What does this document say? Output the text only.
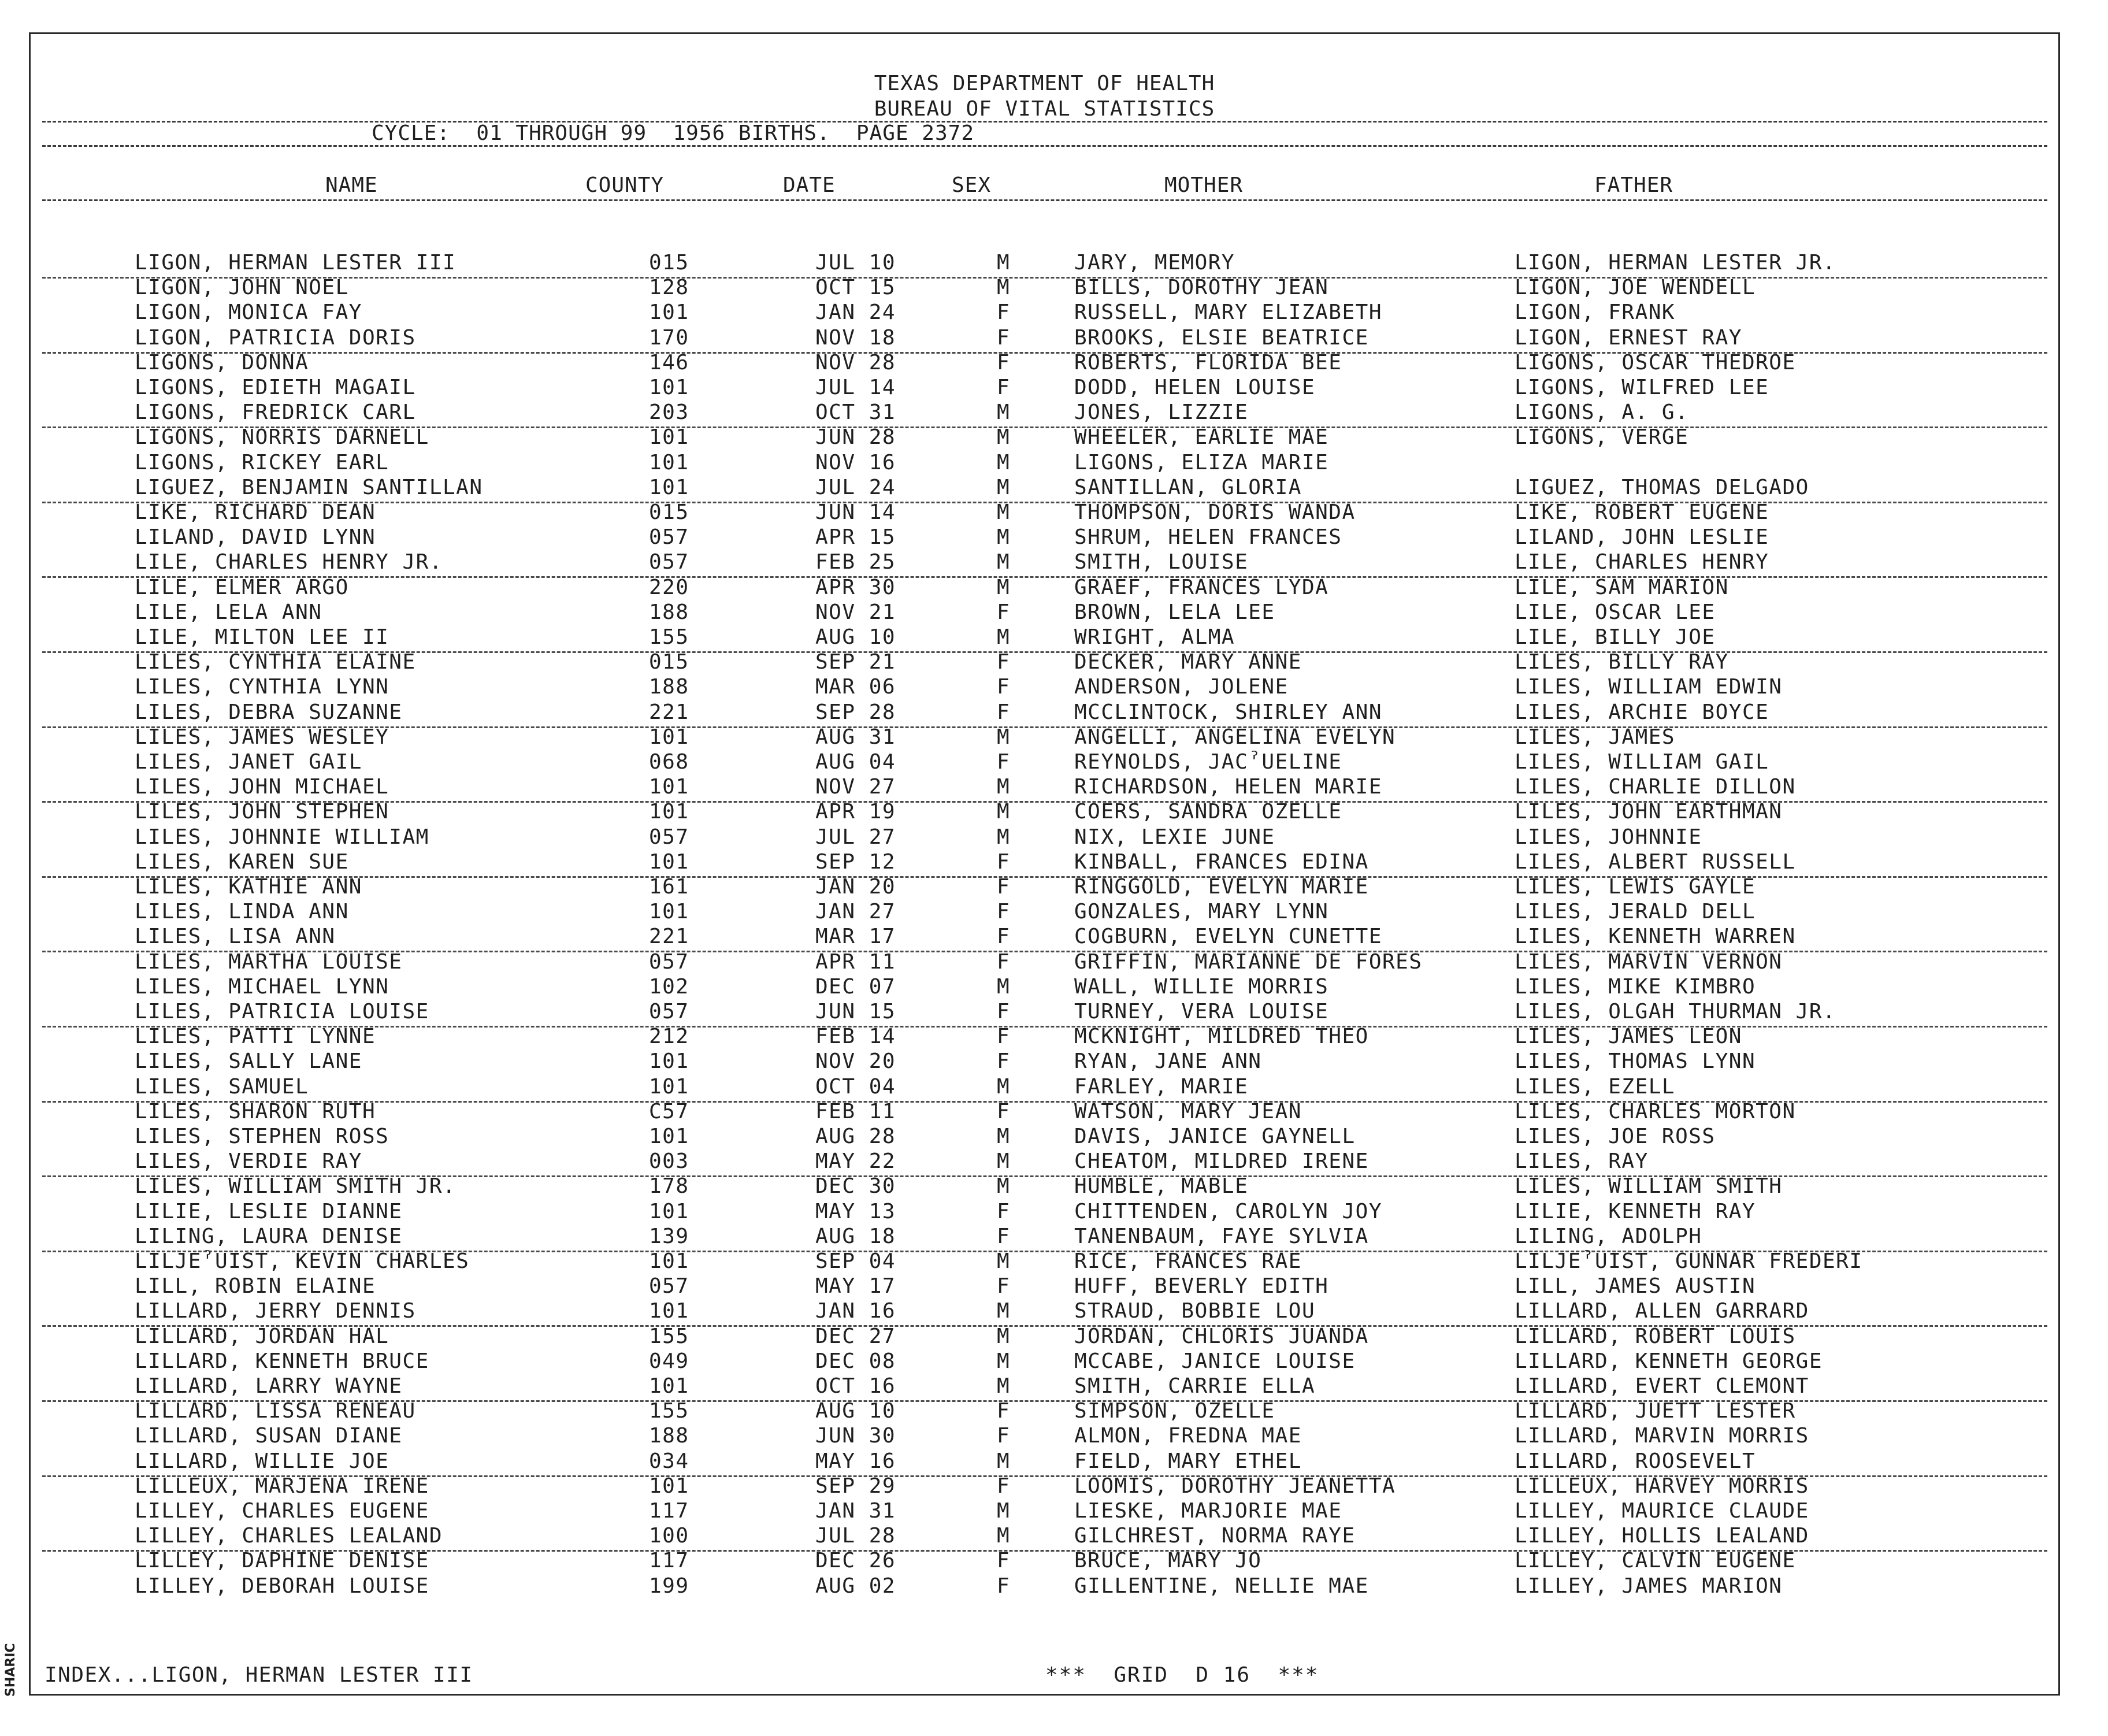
TEXAS DEPARTMENT OF HEALTH
BUREAU OF VITAL STATISTICS
CYCLE:  01 THROUGH 99  1956 BIRTHS.  PAGE 2372
NAME	COUNTY	DATE	SEX	MOTHER	FATHER
LIGON, HERMAN LESTER III	015	JUL 10	M	JARY, MEMORY	LIGON, HERMAN LESTER JR.
LIGON, JOHN NOEL	128	OCT 15	M	BILLS, DOROTHY JEAN	LIGON, JOE WENDELL
LIGON, MONICA FAY	101	JAN 24	F	RUSSELL, MARY ELIZABETH	LIGON, FRANK
LIGON, PATRICIA DORIS	170	NOV 18	F	BROOKS, ELSIE BEATRICE	LIGON, ERNEST RAY
LIGONS, DONNA	146	NOV 28	F	ROBERTS, FLORIDA BEE	LIGONS, OSCAR THEDROE
LIGONS, EDIETH MAGAIL	101	JUL 14	F	DODD, HELEN LOUISE	LIGONS, WILFRED LEE
LIGONS, FREDRICK CARL	203	OCT 31	M	JONES, LIZZIE	LIGONS, A. G.
LIGONS, NORRIS DARNELL	101	JUN 28	M	WHEELER, EARLIE MAE	LIGONS, VERGE
LIGONS, RICKEY EARL	101	NOV 16	M	LIGONS, ELIZA MARIE
LIGUEZ, BENJAMIN SANTILLAN	101	JUL 24	M	SANTILLAN, GLORIA	LIGUEZ, THOMAS DELGADO
LIKE, RICHARD DEAN	015	JUN 14	M	THOMPSON, DORIS WANDA	LIKE, ROBERT EUGENE
LILAND, DAVID LYNN	057	APR 15	M	SHRUM, HELEN FRANCES	LILAND, JOHN LESLIE
LILE, CHARLES HENRY JR.	057	FEB 25	M	SMITH, LOUISE	LILE, CHARLES HENRY
LILE, ELMER ARGO	220	APR 30	M	GRAEF, FRANCES LYDA	LILE, SAM MARION
LILE, LELA ANN	188	NOV 21	F	BROWN, LELA LEE	LILE, OSCAR LEE
LILE, MILTON LEE II	155	AUG 10	M	WRIGHT, ALMA	LILE, BILLY JOE
LILES, CYNTHIA ELAINE	015	SEP 21	F	DECKER, MARY ANNE	LILES, BILLY RAY
LILES, CYNTHIA LYNN	188	MAR 06	F	ANDERSON, JOLENE	LILES, WILLIAM EDWIN
LILES, DEBRA SUZANNE	221	SEP 28	F	MCCLINTOCK, SHIRLEY ANN	LILES, ARCHIE BOYCE
LILES, JAMES WESLEY	101	AUG 31	M	ANGELLI, ANGELINA EVELYN	LILES, JAMES
LILES, JANET GAIL	068	AUG 04	F	REYNOLDS, JACˀUELINE	LILES, WILLIAM GAIL
LILES, JOHN MICHAEL	101	NOV 27	M	RICHARDSON, HELEN MARIE	LILES, CHARLIE DILLON
LILES, JOHN STEPHEN	101	APR 19	M	COERS, SANDRA OZELLE	LILES, JOHN EARTHMAN
LILES, JOHNNIE WILLIAM	057	JUL 27	M	NIX, LEXIE JUNE	LILES, JOHNNIE
LILES, KAREN SUE	101	SEP 12	F	KINBALL, FRANCES EDINA	LILES, ALBERT RUSSELL
LILES, KATHIE ANN	161	JAN 20	F	RINGGOLD, EVELYN MARIE	LILES, LEWIS GAYLE
LILES, LINDA ANN	101	JAN 27	F	GONZALES, MARY LYNN	LILES, JERALD DELL
LILES, LISA ANN	221	MAR 17	F	COGBURN, EVELYN CUNETTE	LILES, KENNETH WARREN
LILES, MARTHA LOUISE	057	APR 11	F	GRIFFIN, MARIANNE DE FORES	LILES, MARVIN VERNON
LILES, MICHAEL LYNN	102	DEC 07	M	WALL, WILLIE MORRIS	LILES, MIKE KIMBRO
LILES, PATRICIA LOUISE	057	JUN 15	F	TURNEY, VERA LOUISE	LILES, OLGAH THURMAN JR.
LILES, PATTI LYNNE	212	FEB 14	F	MCKNIGHT, MILDRED THEO	LILES, JAMES LEON
LILES, SALLY LANE	101	NOV 20	F	RYAN, JANE ANN	LILES, THOMAS LYNN
LILES, SAMUEL	101	OCT 04	M	FARLEY, MARIE	LILES, EZELL
LILES, SHARON RUTH	C57	FEB 11	F	WATSON, MARY JEAN	LILES, CHARLES MORTON
LILES, STEPHEN ROSS	101	AUG 28	M	DAVIS, JANICE GAYNELL	LILES, JOE ROSS
LILES, VERDIE RAY	003	MAY 22	M	CHEATOM, MILDRED IRENE	LILES, RAY
LILES, WILLIAM SMITH JR.	178	DEC 30	M	HUMBLE, MABLE	LILES, WILLIAM SMITH
LILIE, LESLIE DIANNE	101	MAY 13	F	CHITTENDEN, CAROLYN JOY	LILIE, KENNETH RAY
LILING, LAURA DENISE	139	AUG 18	F	TANENBAUM, FAYE SYLVIA	LILING, ADOLPH
LILJEˀUIST, KEVIN CHARLES	101	SEP 04	M	RICE, FRANCES RAE	LILJEˀUIST, GUNNAR FREDERI
LILL, ROBIN ELAINE	057	MAY 17	F	HUFF, BEVERLY EDITH	LILL, JAMES AUSTIN
LILLARD, JERRY DENNIS	101	JAN 16	M	STRAUD, BOBBIE LOU	LILLARD, ALLEN GARRARD
LILLARD, JORDAN HAL	155	DEC 27	M	JORDAN, CHLORIS JUANDA	LILLARD, ROBERT LOUIS
LILLARD, KENNETH BRUCE	049	DEC 08	M	MCCABE, JANICE LOUISE	LILLARD, KENNETH GEORGE
LILLARD, LARRY WAYNE	101	OCT 16	M	SMITH, CARRIE ELLA	LILLARD, EVERT CLEMONT
LILLARD, LISSA RENEAU	155	AUG 10	F	SIMPSON, OZELLE	LILLARD, JUETT LESTER
LILLARD, SUSAN DIANE	188	JUN 30	F	ALMON, FREDNA MAE	LILLARD, MARVIN MORRIS
LILLARD, WILLIE JOE	034	MAY 16	M	FIELD, MARY ETHEL	LILLARD, ROOSEVELT
LILLEUX, MARJENA IRENE	101	SEP 29	F	LOOMIS, DOROTHY JEANETTA	LILLEUX, HARVEY MORRIS
LILLEY, CHARLES EUGENE	117	JAN 31	M	LIESKE, MARJORIE MAE	LILLEY, MAURICE CLAUDE
LILLEY, CHARLES LEALAND	100	JUL 28	M	GILCHREST, NORMA RAYE	LILLEY, HOLLIS LEALAND
LILLEY, DAPHINE DENISE	117	DEC 26	F	BRUCE, MARY JO	LILLEY, CALVIN EUGENE
LILLEY, DEBORAH LOUISE	199	AUG 02	F	GILLENTINE, NELLIE MAE	LILLEY, JAMES MARION
INDEX...LIGON, HERMAN LESTER III	***  GRID  D 16  ***
SHARIC
